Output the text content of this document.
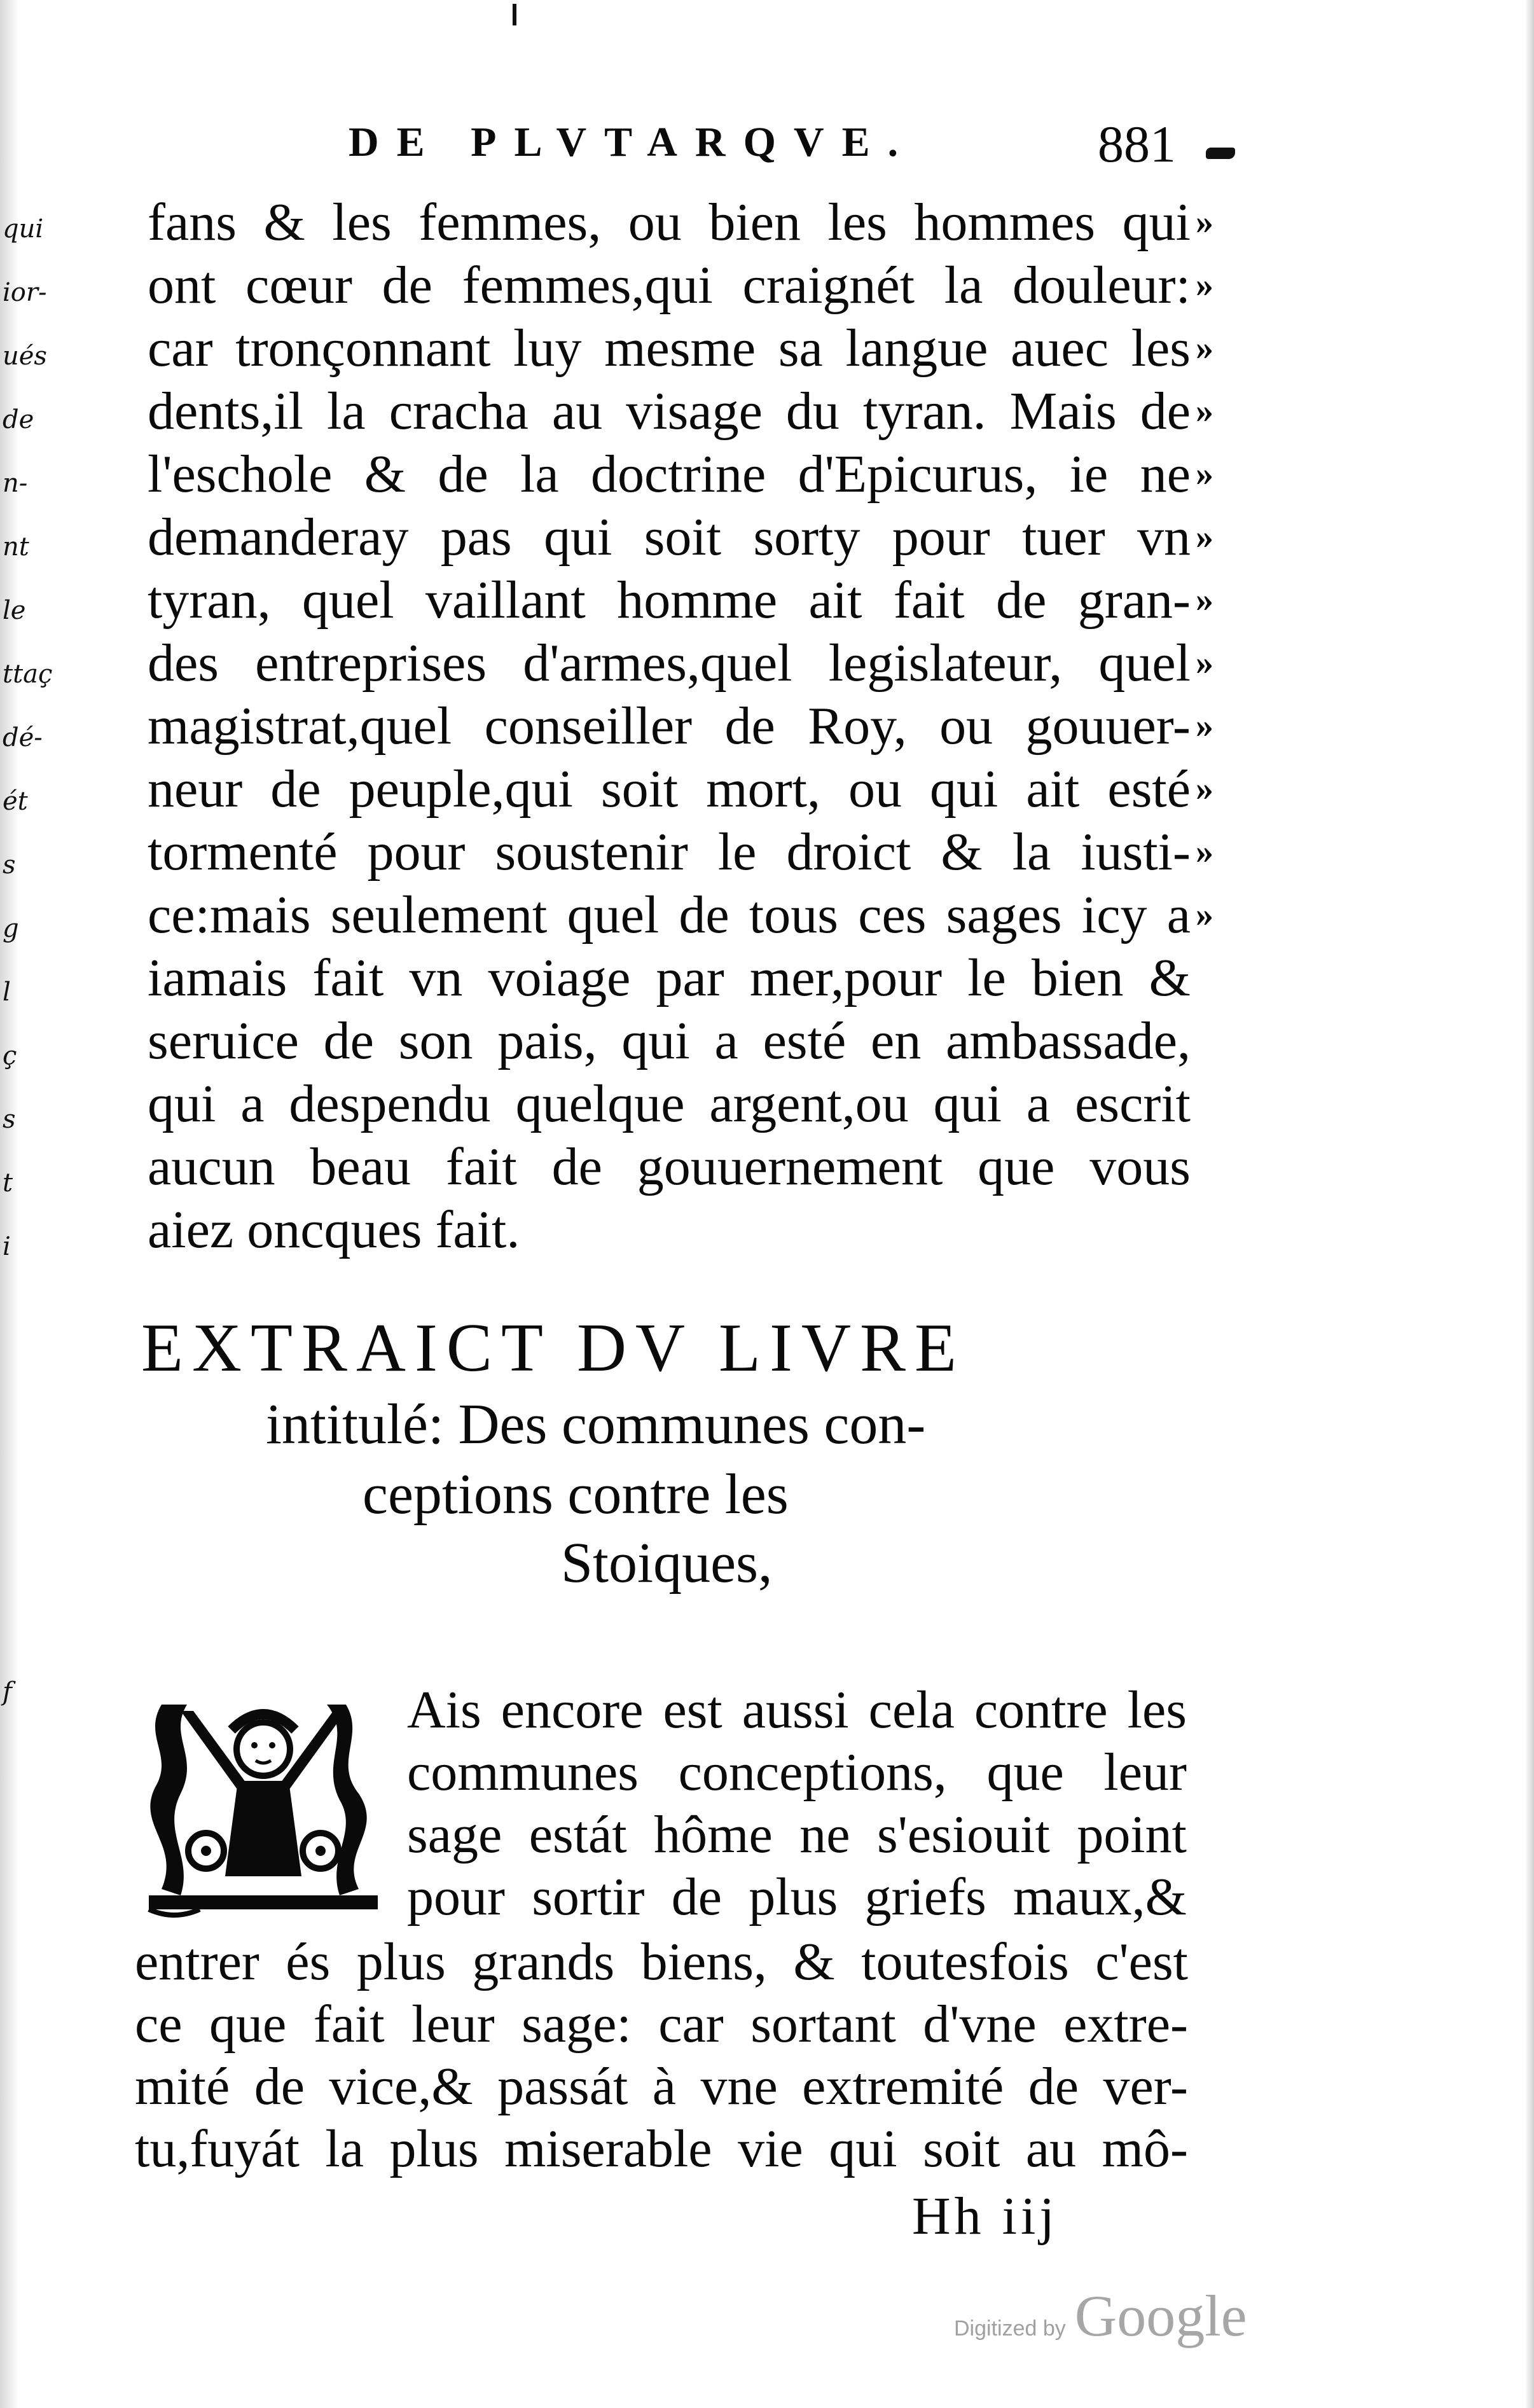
qui
ior-
ués
de
n-
nt
le
ttaç
dé-
ét
s
g
l
ç
s
t
i
f
DE PLVTARQVE.	881
fans & les femmes, ou bien les hommes qui
ont cœur de femmes,qui craignét la douleur:
car tronçonnant luy mesme sa langue auec les
dents,il la cracha au visage du tyran. Mais de
l'eschole & de la doctrine d'Epicurus, ie ne
demanderay pas qui soit sorty pour tuer vn
tyran, quel vaillant homme ait fait de gran-
des entreprises d'armes,quel legislateur, quel
magistrat,quel conseiller de Roy, ou gouuer-
neur de peuple,qui soit mort, ou qui ait esté
tormenté pour soustenir le droict & la iusti-
ce:mais seulement quel de tous ces sages icy a
iamais fait vn voiage par mer,pour le bien &
seruice de son pais, qui a esté en ambassade,
qui a despendu quelque argent,ou qui a escrit
aucun beau fait de gouuernement que vous
aiez oncques fait.
»
»
»
»
»
»
»
»
»
»
»
»
EXTRAICT DV LIVRE
intitulé: Des communes con-
ceptions contre les
Stoiques,
Ais encore est aussi cela contre les
communes conceptions, que leur
sage estát hôme ne s'esiouit point
pour sortir de plus griefs maux,&
entrer és plus grands biens, & toutesfois c'est
ce que fait leur sage: car sortant d'vne extre-
mité de vice,& passát à vne extremité de ver-
tu,fuyát la plus miserable vie qui soit au mô-
Hh iij
Digitized by Google
